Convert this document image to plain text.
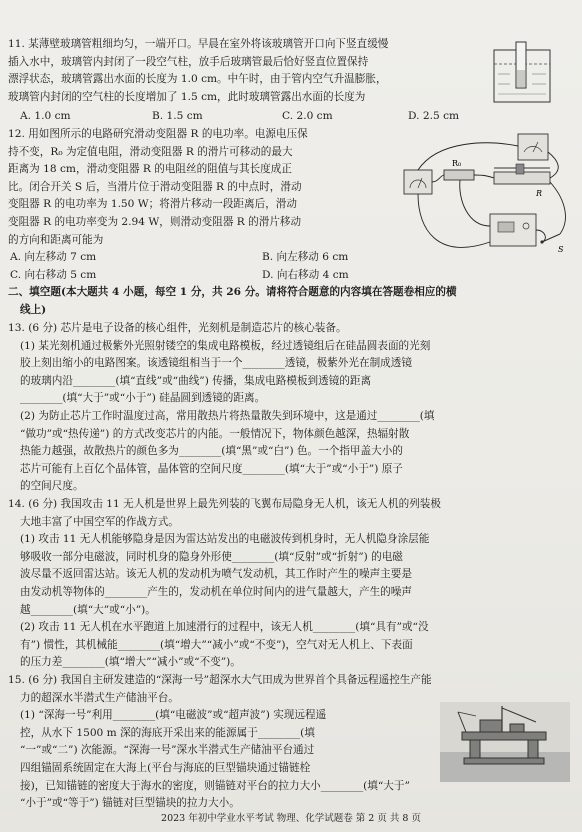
11. 某薄壁玻璃管粗细均匀，一端开口。早晨在室外将该玻璃管开口向下竖直缓慢

插入水中，玻璃管内封闭了一段空气柱，放手后玻璃管最后恰好竖直位置保持

漂浮状态，玻璃管露出水面的长度为 1.0 cm。中午时，由于管内空气升温膨胀，

玻璃管内封闭的空气柱的长度增加了 1.5 cm，此时玻璃管露出水面的长度为

A. 1.0 cm	B. 1.5 cm	C. 2.0 cm	D. 2.5 cm

12. 用如图所示的电路研究滑动变阻器 R 的电功率。电源电压保

持不变，R₀ 为定值电阻，滑动变阻器 R 的滑片可移动的最大

距离为 18 cm，滑动变阻器 R 的电阻丝的阻值与其长度成正

比。闭合开关 S 后，当滑片位于滑动变阻器 R 的中点时，滑动

变阻器 R 的电功率为 1.50 W；将滑片移动一段距离后，滑动

变阻器 R 的电功率变为 2.94 W，则滑动变阻器 R 的滑片移动

的方向和距离可能为

A. 向左移动 7 cm	B. 向左移动 6 cm
C. 向右移动 5 cm	D. 向右移动 4 cm
R₀
R
S

二、填空题(本大题共 4 小题，每空 1 分，共 26 分。请将符合题意的内容填在答题卷相应的横

线上)

13. (6 分) 芯片是电子设备的核心组件，光刻机是制造芯片的核心装备。

(1) 某光刻机通过极紫外光照射镂空的集成电路模板，经过透镜组后在硅晶圆表面的光刻

胶上刻出缩小的电路图案。该透镜组相当于一个________透镜，极紫外光在制成透镜

的玻璃内沿________(填“直线”或“曲线”) 传播，集成电路模板到透镜的距离

________(填“大于”或“小于”) 硅晶圆到透镜的距离。

(2) 为防止芯片工作时温度过高，常用散热片将热量散失到环境中，这是通过________(填

“做功”或“热传递”) 的方式改变芯片的内能。一般情况下，物体颜色越深，热辐射散

热能力越强，故散热片的颜色多为________(填“黑”或“白”) 色。一个指甲盖大小的

芯片可能有上百亿个晶体管，晶体管的空间尺度________(填“大于”或“小于”) 原子

的空间尺度。

14. (6 分) 我国攻击 11 无人机是世界上最先列装的飞翼布局隐身无人机，该无人机的列装极

大地丰富了中国空军的作战方式。

(1) 攻击 11 无人机能够隐身是因为雷达站发出的电磁波传到机身时，无人机隐身涂层能

够吸收一部分电磁波，同时机身的隐身外形使________(填“反射”或“折射”) 的电磁

波尽量不返回雷达站。该无人机的发动机为喷气发动机，其工作时产生的噪声主要是

由发动机等物体的________产生的，发动机在单位时间内的进气量越大，产生的噪声

越________(填“大”或“小”)。

(2) 攻击 11 无人机在水平跑道上加速滑行的过程中，该无人机________(填“具有”或“没

有”) 惯性，其机械能________(填“增大”“减小”或“不变”)，空气对无人机上、下表面

的压力差________(填“增大”“减小”或“不变”)。

15. (6 分) 我国自主研发建造的“深海一号”超深水大气田成为世界首个具备远程遥控生产能

力的超深水半潜式生产储油平台。

(1) “深海一号”利用________(填“电磁波”或“超声波”) 实现远程遥

控，从水下 1500 m 深的海底开采出来的能源属于________(填

“一”或“二”) 次能源。“深海一号”深水半潜式生产储油平台通过

四组锚固系统固定在大海上(平台与海底的巨型锚块通过锚链栓

接)，已知锚链的密度大于海水的密度，则锚链对平台的拉力大小________(填“大于”

“小于”或“等于”) 锚链对巨型锚块的拉力大小。

2023 年初中学业水平考试 物理、化学试题卷 第 2 页 共 8 页
